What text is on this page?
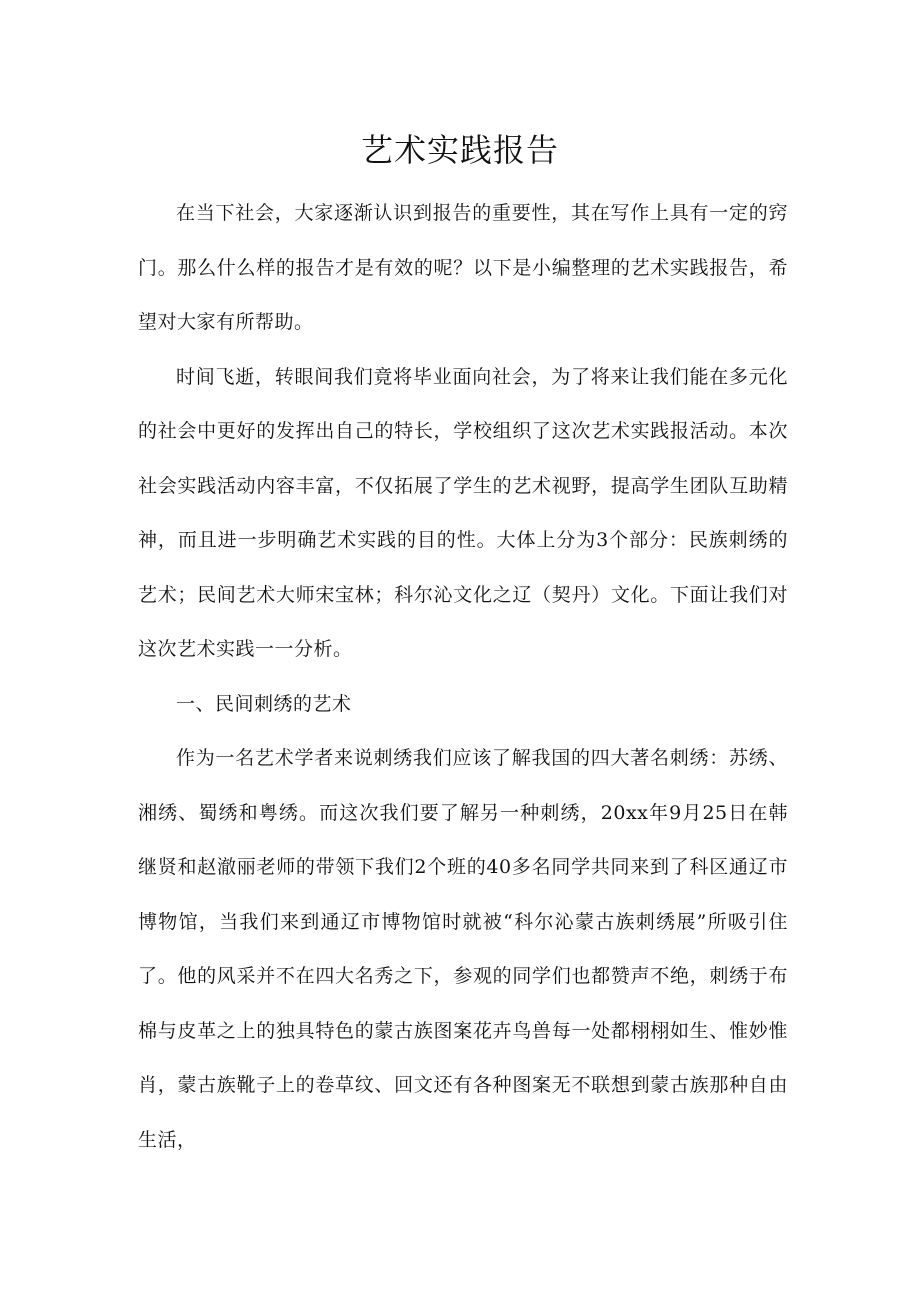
艺术实践报告

在当下社会，大家逐渐认识到报告的重要性，其在写作上具有一定的窍门。那么什么样的报告才是有效的呢？以下是小编整理的艺术实践报告，希望对大家有所帮助。

时间飞逝，转眼间我们竟将毕业面向社会，为了将来让我们能在多元化的社会中更好的发挥出自己的特长，学校组织了这次艺术实践报活动。本次社会实践活动内容丰富，不仅拓展了学生的艺术视野，提高学生团队互助精神，而且进一步明确艺术实践的目的性。大体上分为3个部分：民族刺绣的艺术；民间艺术大师宋宝林；科尔沁文化之辽（契丹）文化。下面让我们对这次艺术实践一一分析。

一、民间刺绣的艺术

作为一名艺术学者来说刺绣我们应该了解我国的四大著名刺绣：苏绣、湘绣、蜀绣和粤绣。而这次我们要了解另一种刺绣，20xx年9月25日在韩继贤和赵澈丽老师的带领下我们2个班的40多名同学共同来到了科区通辽市博物馆，当我们来到通辽市博物馆时就被“科尔沁蒙古族刺绣展”所吸引住了。他的风采并不在四大名秀之下，参观的同学们也都赞声不绝，刺绣于布棉与皮革之上的独具特色的蒙古族图案花卉鸟兽每一处都栩栩如生、惟妙惟肖，蒙古族靴子上的卷草纹、回文还有各种图案无不联想到蒙古族那种自由生活，
